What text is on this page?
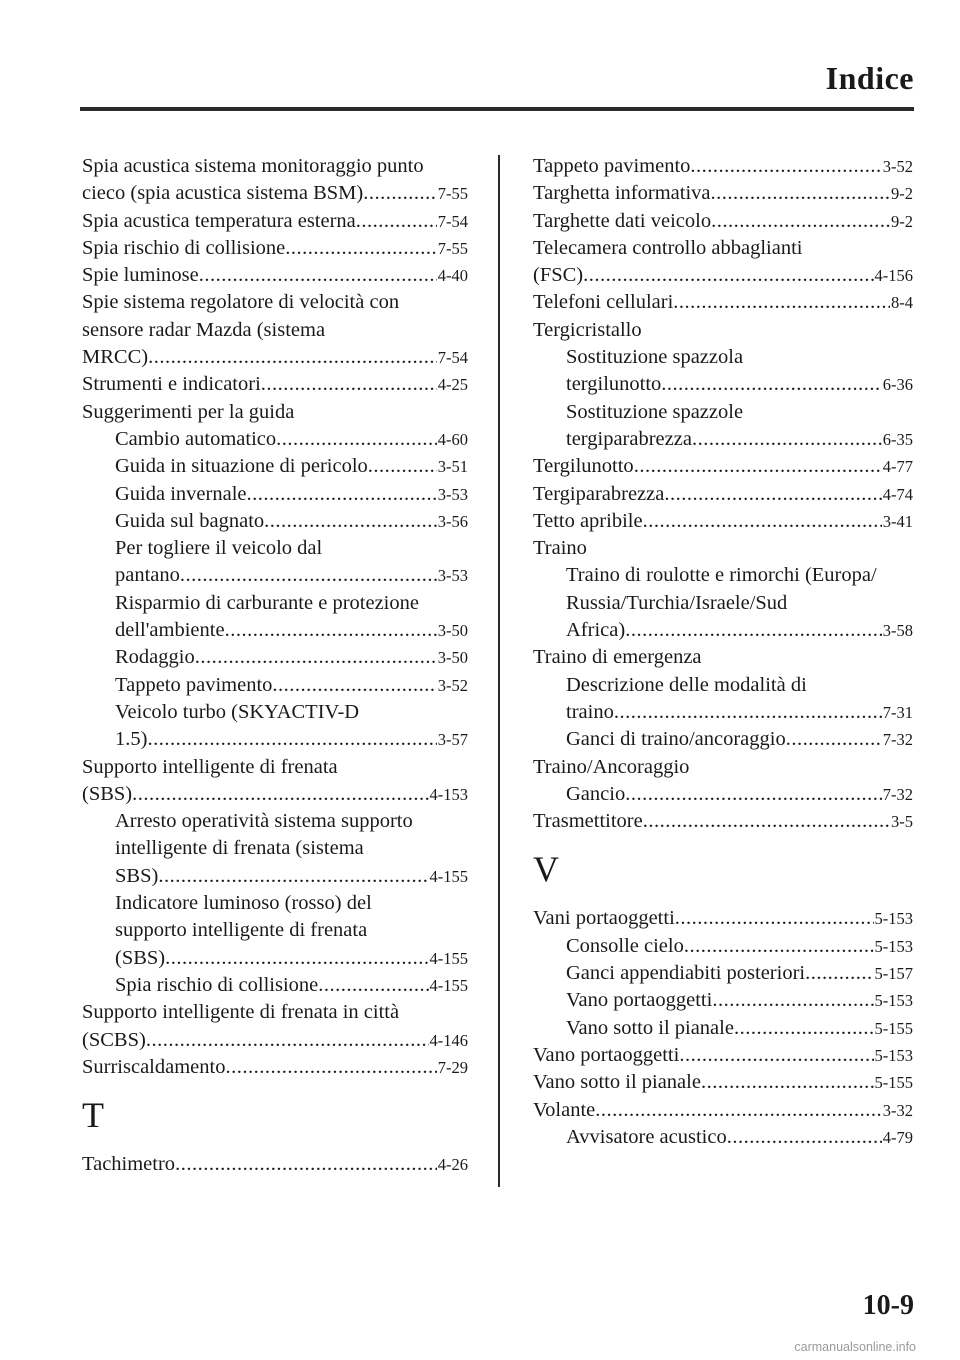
Indice
Spia acustica sistema monitoraggio punto
cieco (spia acustica sistema BSM) .....	7-55
Spia acustica temperatura esterna .....	7-54
Spia rischio di collisione .....	7-55
Spie luminose .....	4-40
Spie sistema regolatore di velocità con
sensore radar Mazda (sistema
MRCC) .....	7-54
Strumenti e indicatori .....	4-25
Suggerimenti per la guida
Cambio automatico .....	4-60
Guida in situazione di pericolo .....	3-51
Guida invernale .....	3-53
Guida sul bagnato .....	3-56
Per togliere il veicolo dal
pantano .....	3-53
Risparmio di carburante e protezione
dell'ambiente .....	3-50
Rodaggio .....	3-50
Tappeto pavimento .....	3-52
Veicolo turbo (SKYACTIV-D
1.5) .....	3-57
Supporto intelligente di frenata
(SBS) .....	4-153
Arresto operatività sistema supporto
intelligente di frenata (sistema
SBS) .....	4-155
Indicatore luminoso (rosso) del
supporto intelligente di frenata
(SBS) .....	4-155
Spia rischio di collisione .....	4-155
Supporto intelligente di frenata in città
(SCBS) .....	4-146
Surriscaldamento .....	7-29
T
Tachimetro .....	4-26
Tappeto pavimento .....	3-52
Targhetta informativa .....	9-2
Targhette dati veicolo .....	9-2
Telecamera controllo abbaglianti
(FSC) .....	4-156
Telefoni cellulari .....	8-4
Tergicristallo
Sostituzione spazzola
tergilunotto .....	6-36
Sostituzione spazzole
tergiparabrezza .....	6-35
Tergilunotto .....	4-77
Tergiparabrezza .....	4-74
Tetto apribile .....	3-41
Traino
Traino di roulotte e rimorchi (Europa/
Russia/Turchia/Israele/Sud
Africa) .....	3-58
Traino di emergenza
Descrizione delle modalità di
traino .....	7-31
Ganci di traino/ancoraggio .....	7-32
Traino/Ancoraggio
Gancio .....	7-32
Trasmettitore .....	3-5
V
Vani portaoggetti .....	5-153
Consolle cielo .....	5-153
Ganci appendiabiti posteriori .....	5-157
Vano portaoggetti .....	5-153
Vano sotto il pianale .....	5-155
Vano portaoggetti .....	5-153
Vano sotto il pianale .....	5-155
Volante .....	3-32
Avvisatore acustico .....	4-79
10-9
carmanualsonline.info
